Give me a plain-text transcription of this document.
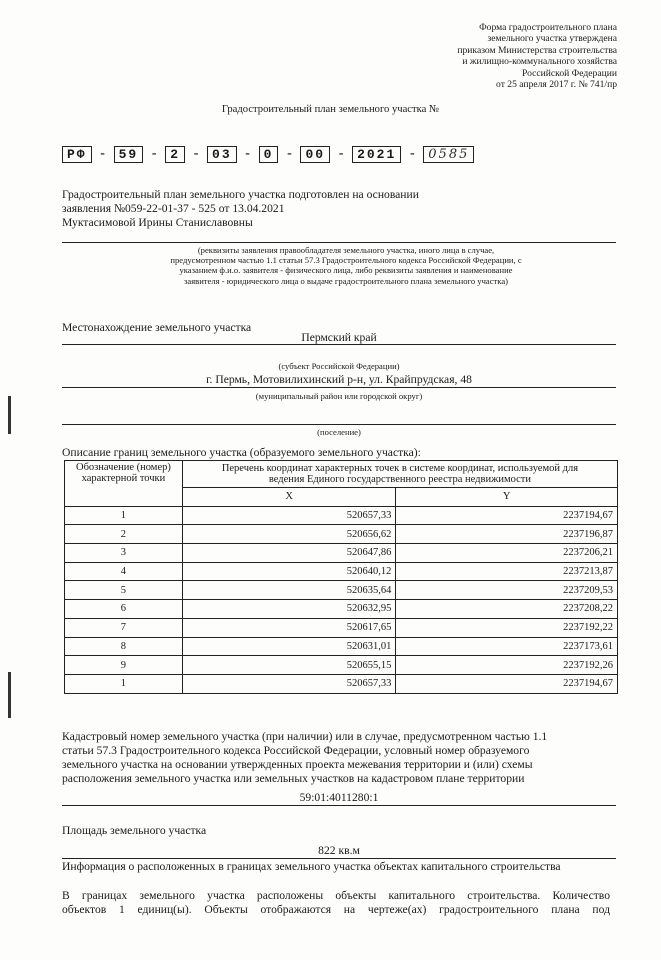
Форма градостроительного плана
земельного участка утверждена
приказом Министерства строительства
и жилищно-коммунального хозяйства
Российской Федерации
от 25 апреля 2017 г. № 741/пр
Градостроительный план земельного участка №
РФ -	59 -	2 -	03 -	0 -	00 -	2021 -	0585
Градостроительный план земельного участка подготовлен на основании
заявления №059-22-01-37 - 525 от 13.04.2021
Муктасимовой Ирины Станиславовны
(реквизиты заявления правообладателя земельного участка, иного лица в случае, предусмотренном частью 1.1 статьи 57.3 Градостроительного кодекса Российской Федерации, с указанием ф.и.о. заявителя - физического лица, либо реквизиты заявления и наименование заявителя - юридического лица о выдаче градостроительного плана земельного участка)
Местонахождение земельного участка
Пермский край
(субъект Российской Федерации)
г. Пермь, Мотовилихинский р-н, ул. Крайпрудская, 48
(муниципальный район или городской округ)
(поселение)
Описание границ земельного участка (образуемого земельного участка):
Обозначение (номер) характерной точки	Перечень координат характерных точек в системе координат, используемой для ведения Единого государственного реестра недвижимости	
	X	Y
1	520657,33	2237194,67
2	520656,62	2237196,87
3	520647,86	2237206,21
4	520640,12	2237213,87
5	520635,64	2237209,53
6	520632,95	2237208,22
7	520617,65	2237192,22
8	520631,01	2237173,61
9	520655,15	2237192,26
1	520657,33	2237194,67
Кадастровый номер земельного участка (при наличии) или в случае, предусмотренном частью 1.1
статьи 57.3 Градостроительного кодекса Российской Федерации, условный номер образуемого
земельного участка на основании утвержденных проекта межевания территории и (или) схемы
расположения земельного участка или земельных участков на кадастровом плане территории
59:01:4011280:1
Площадь земельного участка
822 кв.м
Информация о расположенных в границах земельного участка объектах капитального строительства
В границах земельного участка расположены объекты капитального строительства. Количество
объектов 1 единиц(ы). Объекты отображаются на чертеже(ах) градостроительного плана под
